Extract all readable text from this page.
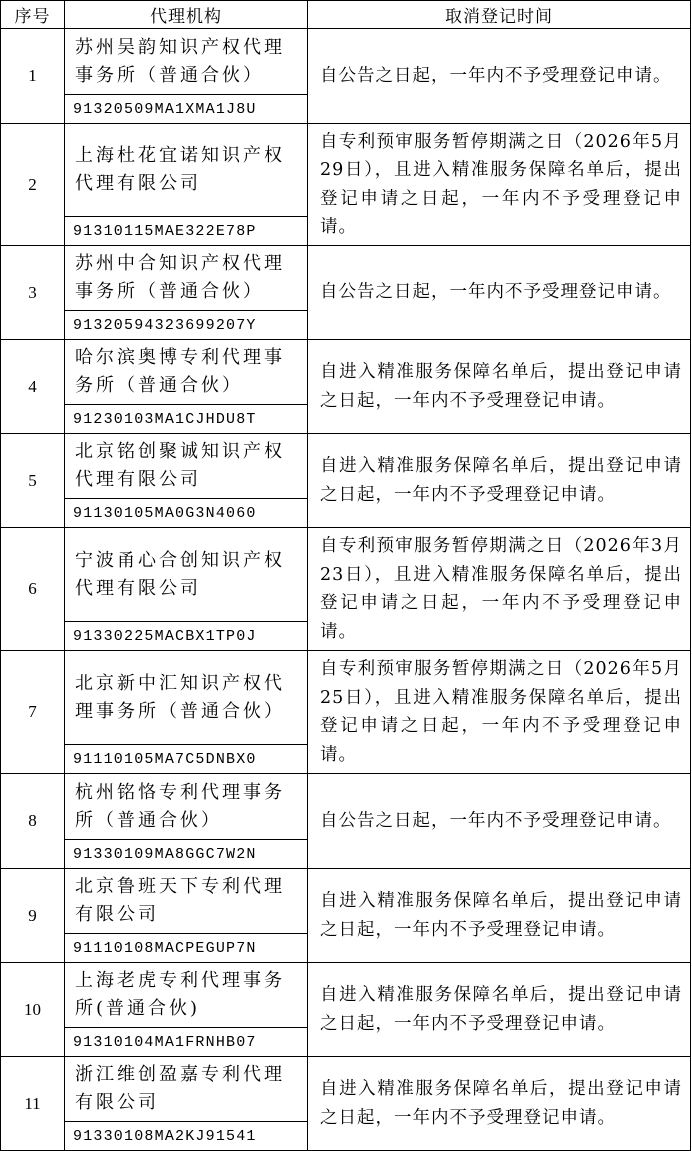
序号	代理机构	取消登记时间
1	苏州吴韵知识产权代理事务所（普通合伙）	自公告之日起，一年内不予受理登记申请。
	91320509MA1XMA1J8U	
2	上海杜花宜诺知识产权代理有限公司	自专利预审服务暂停期满之日（2026年5月29日），且进入精准服务保障名单后，提出登记申请之日起，一年内不予受理登记申请。
	91310115MAE322E78P	
3	苏州中合知识产权代理事务所（普通合伙）	自公告之日起，一年内不予受理登记申请。
	91320594323699207Y	
4	哈尔滨奥博专利代理事务所（普通合伙）	自进入精准服务保障名单后，提出登记申请之日起，一年内不予受理登记申请。
	91230103MA1CJHDU8T	
5	北京铭创聚诚知识产权代理有限公司	自进入精准服务保障名单后，提出登记申请之日起，一年内不予受理登记申请。
	91130105MA0G3N4060	
6	宁波甬心合创知识产权代理有限公司	自专利预审服务暂停期满之日（2026年3月23日），且进入精准服务保障名单后，提出登记申请之日起，一年内不予受理登记申请。
	91330225MACBX1TP0J	
7	北京新中汇知识产权代理事务所（普通合伙）	自专利预审服务暂停期满之日（2026年5月25日），且进入精准服务保障名单后，提出登记申请之日起，一年内不予受理登记申请。
	91110105MA7C5DNBX0	
8	杭州铭恪专利代理事务所（普通合伙）	自公告之日起，一年内不予受理登记申请。
	91330109MA8GGC7W2N	
9	北京鲁班天下专利代理有限公司	自进入精准服务保障名单后，提出登记申请之日起，一年内不予受理登记申请。
	91110108MACPEGUP7N	
10	上海老虎专利代理事务所(普通合伙)	自进入精准服务保障名单后，提出登记申请之日起，一年内不予受理登记申请。
	91310104MA1FRNHB07	
11	浙江维创盈嘉专利代理有限公司	自进入精准服务保障名单后，提出登记申请之日起，一年内不予受理登记申请。
	91330108MA2KJ91541	
